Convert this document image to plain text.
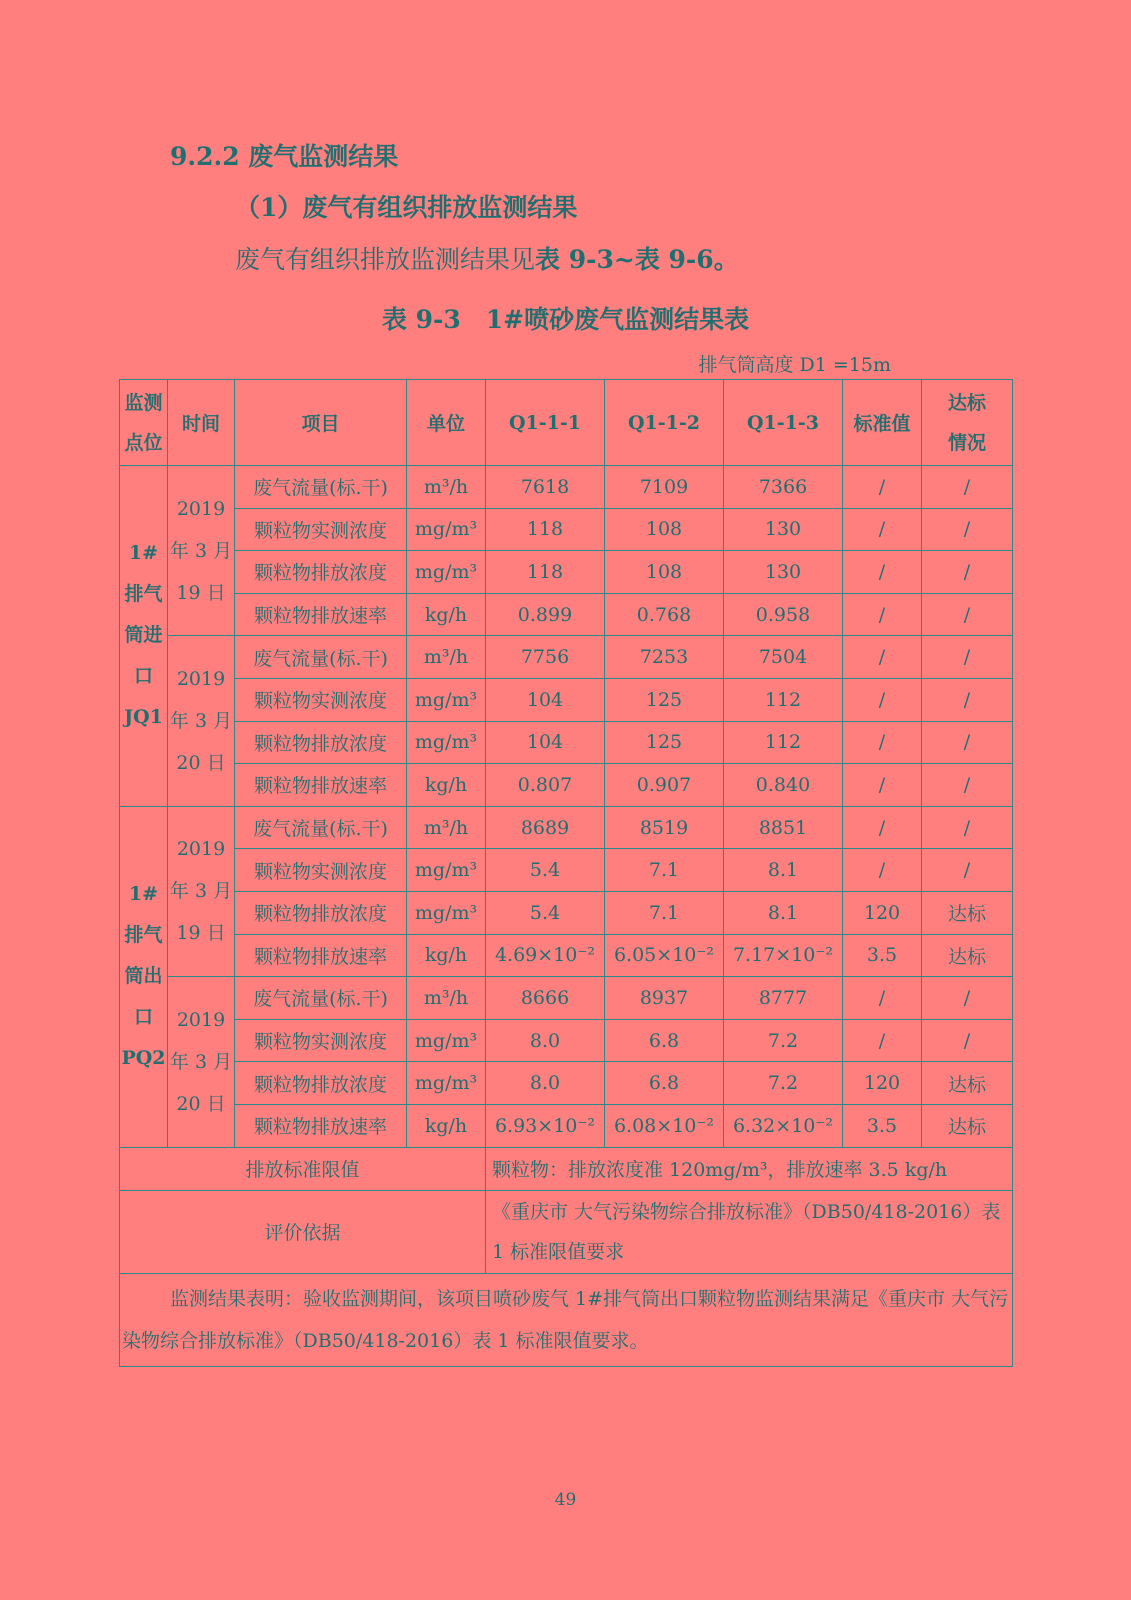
9.2.2 废气监测结果
（1）废气有组织排放监测结果
废气有组织排放监测结果见表 9-3~表 9-6。
表 9-3　1#喷砂废气监测结果表
排气筒高度 D1 =15m
监测点位	时间	项目	单位	Q1-1-1	Q1-1-2	Q1-1-3	标准值	达标情况
1#排气筒进口JQ1	2019 年 3 月 19 日	废气流量(标.干)	m³/h	7618	7109	7366	/	/
		颗粒物实测浓度	mg/m³	118	108	130	/	/
		颗粒物排放浓度	mg/m³	118	108	130	/	/
		颗粒物排放速率	kg/h	0.899	0.768	0.958	/	/
	2019 年 3 月 20 日	废气流量(标.干)	m³/h	7756	7253	7504	/	/
		颗粒物实测浓度	mg/m³	104	125	112	/	/
		颗粒物排放浓度	mg/m³	104	125	112	/	/
		颗粒物排放速率	kg/h	0.807	0.907	0.840	/	/
1#排气筒出口PQ2	2019 年 3 月 19 日	废气流量(标.干)	m³/h	8689	8519	8851	/	/
		颗粒物实测浓度	mg/m³	5.4	7.1	8.1	/	/
		颗粒物排放浓度	mg/m³	5.4	7.1	8.1	120	达标
		颗粒物排放速率	kg/h	4.69×10⁻²	6.05×10⁻²	7.17×10⁻²	3.5	达标
	2019 年 3 月 20 日	废气流量(标.干)	m³/h	8666	8937	8777	/	/
		颗粒物实测浓度	mg/m³	8.0	6.8	7.2	/	/
		颗粒物排放浓度	mg/m³	8.0	6.8	7.2	120	达标
		颗粒物排放速率	kg/h	6.93×10⁻²	6.08×10⁻²	6.32×10⁻²	3.5	达标
排放标准限值				颗粒物：排放浓度准 120mg/m³，排放速率 3.5 kg/h				
评价依据				《重庆市 大气污染物综合排放标准》（DB50/418-2016）表 1 标准限值要求				
监测结果表明：验收监测期间，该项目喷砂废气 1#排气筒出口颗粒物监测结果满足《重庆市 大气污染物综合排放标准》（DB50/418-2016）表 1 标准限值要求。								
49
